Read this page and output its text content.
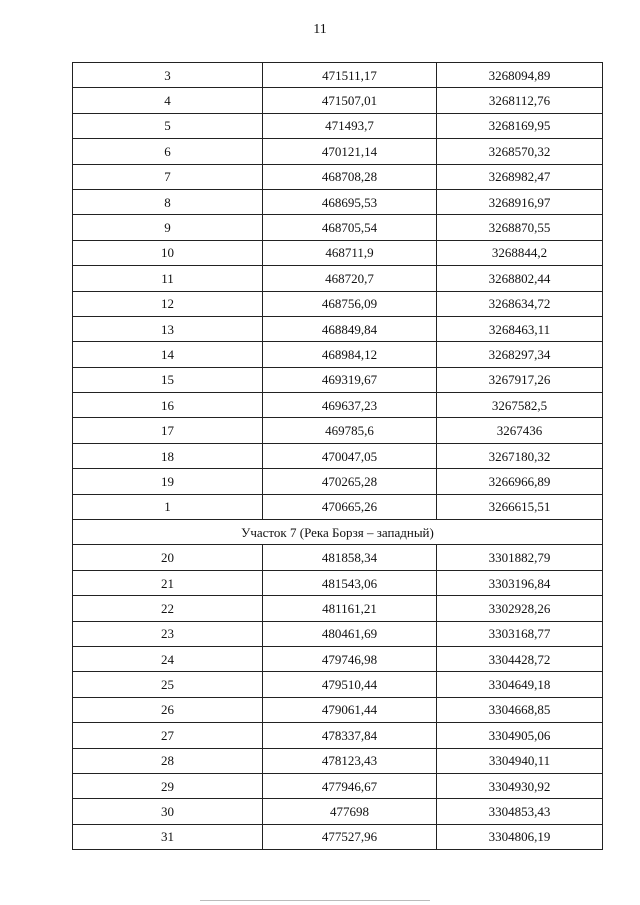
11
3	471511,17	3268094,89
4	471507,01	3268112,76
5	471493,7	3268169,95
6	470121,14	3268570,32
7	468708,28	3268982,47
8	468695,53	3268916,97
9	468705,54	3268870,55
10	468711,9	3268844,2
11	468720,7	3268802,44
12	468756,09	3268634,72
13	468849,84	3268463,11
14	468984,12	3268297,34
15	469319,67	3267917,26
16	469637,23	3267582,5
17	469785,6	3267436
18	470047,05	3267180,32
19	470265,28	3266966,89
1	470665,26	3266615,51
Участок 7 (Река Борзя – западный)		
20	481858,34	3301882,79
21	481543,06	3303196,84
22	481161,21	3302928,26
23	480461,69	3303168,77
24	479746,98	3304428,72
25	479510,44	3304649,18
26	479061,44	3304668,85
27	478337,84	3304905,06
28	478123,43	3304940,11
29	477946,67	3304930,92
30	477698	3304853,43
31	477527,96	3304806,19
